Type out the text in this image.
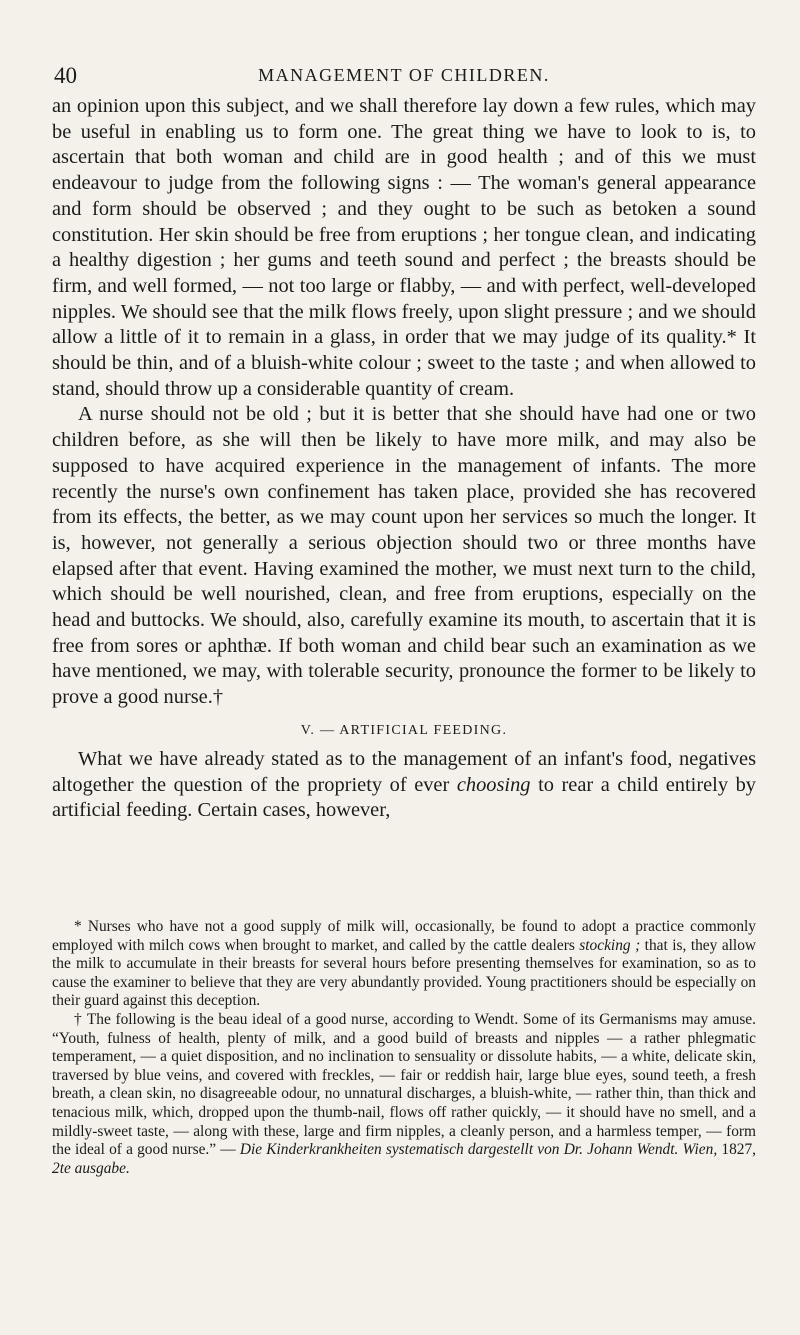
40	MANAGEMENT OF CHILDREN.

an opinion upon this subject, and we shall therefore lay down a few rules, which may be useful in enabling us to form one. The great thing we have to look to is, to ascertain that both woman and child are in good health ; and of this we must endeavour to judge from the following signs : — The woman's general appearance and form should be observed ; and they ought to be such as betoken a sound constitution. Her skin should be free from eruptions ; her tongue clean, and indicating a healthy digestion ; her gums and teeth sound and perfect ; the breasts should be firm, and well formed, — not too large or flabby, — and with perfect, well-developed nipples. We should see that the milk flows freely, upon slight pressure ; and we should allow a little of it to remain in a glass, in order that we may judge of its quality.* It should be thin, and of a bluish-white colour ; sweet to the taste ; and when allowed to stand, should throw up a considerable quantity of cream.

A nurse should not be old ; but it is better that she should have had one or two children before, as she will then be likely to have more milk, and may also be supposed to have acquired experience in the management of infants. The more recently the nurse's own confinement has taken place, provided she has recovered from its effects, the better, as we may count upon her services so much the longer. It is, however, not generally a serious objection should two or three months have elapsed after that event. Having examined the mother, we must next turn to the child, which should be well nourished, clean, and free from eruptions, especially on the head and buttocks. We should, also, carefully examine its mouth, to ascertain that it is free from sores or aphthæ. If both woman and child bear such an examination as we have mentioned, we may, with tolerable security, pronounce the former to be likely to prove a good nurse.†

V. — ARTIFICIAL FEEDING.

What we have already stated as to the management of an infant's food, negatives altogether the question of the propriety of ever choosing to rear a child entirely by artificial feeding. Certain cases, however,

* Nurses who have not a good supply of milk will, occasionally, be found to adopt a practice commonly employed with milch cows when brought to market, and called by the cattle dealers stocking ; that is, they allow the milk to accumulate in their breasts for several hours before presenting themselves for examination, so as to cause the examiner to believe that they are very abundantly provided. Young practitioners should be especially on their guard against this deception.

† The following is the beau ideal of a good nurse, according to Wendt. Some of its Germanisms may amuse. “Youth, fulness of health, plenty of milk, and a good build of breasts and nipples — a rather phlegmatic temperament, — a quiet disposition, and no inclination to sensuality or dissolute habits, — a white, delicate skin, traversed by blue veins, and covered with freckles, — fair or reddish hair, large blue eyes, sound teeth, a fresh breath, a clean skin, no disagreeable odour, no unnatural discharges, a bluish-white, — rather thin, than thick and tenacious milk, which, dropped upon the thumb-nail, flows off rather quickly, — it should have no smell, and a mildly-sweet taste, — along with these, large and firm nipples, a cleanly person, and a harmless temper, — form the ideal of a good nurse.” — Die Kinderkrankheiten systematisch dargestellt von Dr. Johann Wendt. Wien, 1827, 2te ausgabe.
